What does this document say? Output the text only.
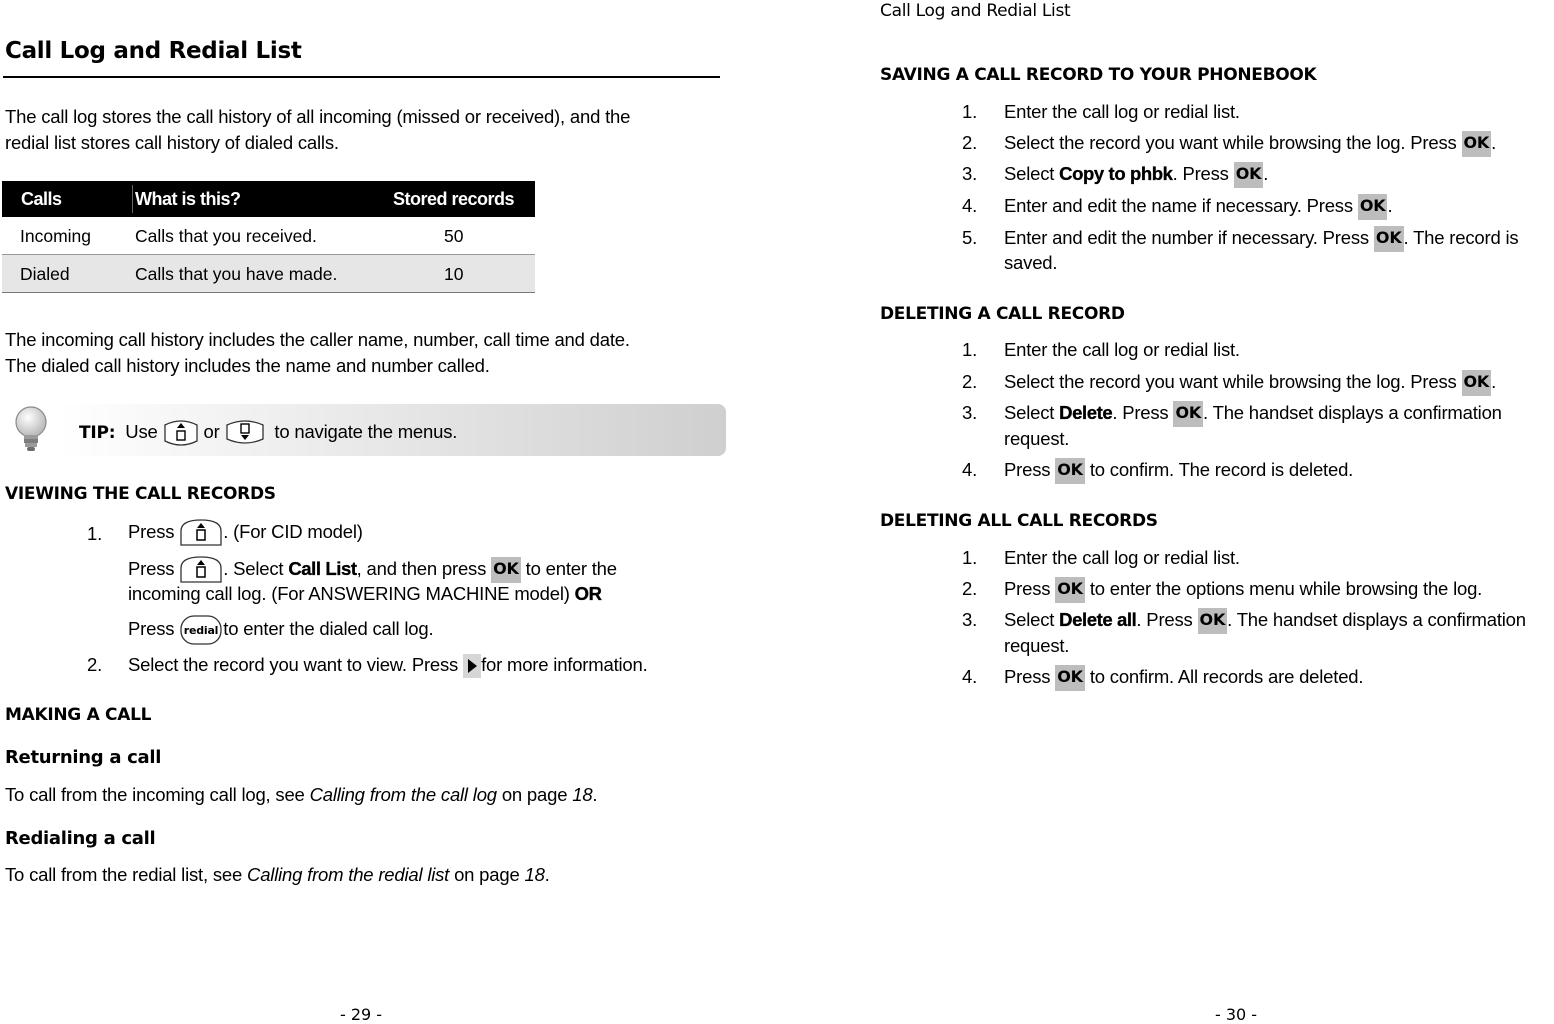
Call Log and Redial List
The call log stores the call history of all incoming (missed or received), and the
redial list stores call history of dialed calls.
Calls	What is this?	Stored records
Incoming	Calls that you received.	50
Dialed	Calls that you have made.	10
The incoming call history includes the caller name, number, call time and date.
The dialed call history includes the name and number called.
TIP: Use or	to navigate the menus.
VIEWING THE CALL RECORDS
1. Press	. (For CID model)
Press	. Select Call List, and then press OK to enter the
incoming call log. (For ANSWERING MACHINE model) OR
Press redial to enter the dialed call log.
2. Select the record you want to view. Press for more information.
MAKING A CALL
Returning a call
To call from the incoming call log, see Calling from the call log on page 18.
Redialing a call
To call from the redial list, see Calling from the redial list on page 18.
- 29 -
Call Log and Redial List
SAVING A CALL RECORD TO YOUR PHONEBOOK
1. Enter the call log or redial list.
2. Select the record you want while browsing the log. Press OK .
3. Select Copy to phbk. Press OK .
4. Enter and edit the name if necessary. Press OK .
5. Enter and edit the number if necessary. Press OK . The record is
saved.
DELETING A CALL RECORD
1. Enter the call log or redial list.
2. Select the record you want while browsing the log. Press OK .
3. Select Delete. Press OK . The handset displays a confirmation
request.
4. Press OK to confirm. The record is deleted.
DELETING ALL CALL RECORDS
1. Enter the call log or redial list.
2. Press OK to enter the options menu while browsing the log.
3. Select Delete all. Press OK . The handset displays a confirmation
request.
4. Press OK to confirm. All records are deleted.
- 30 -
